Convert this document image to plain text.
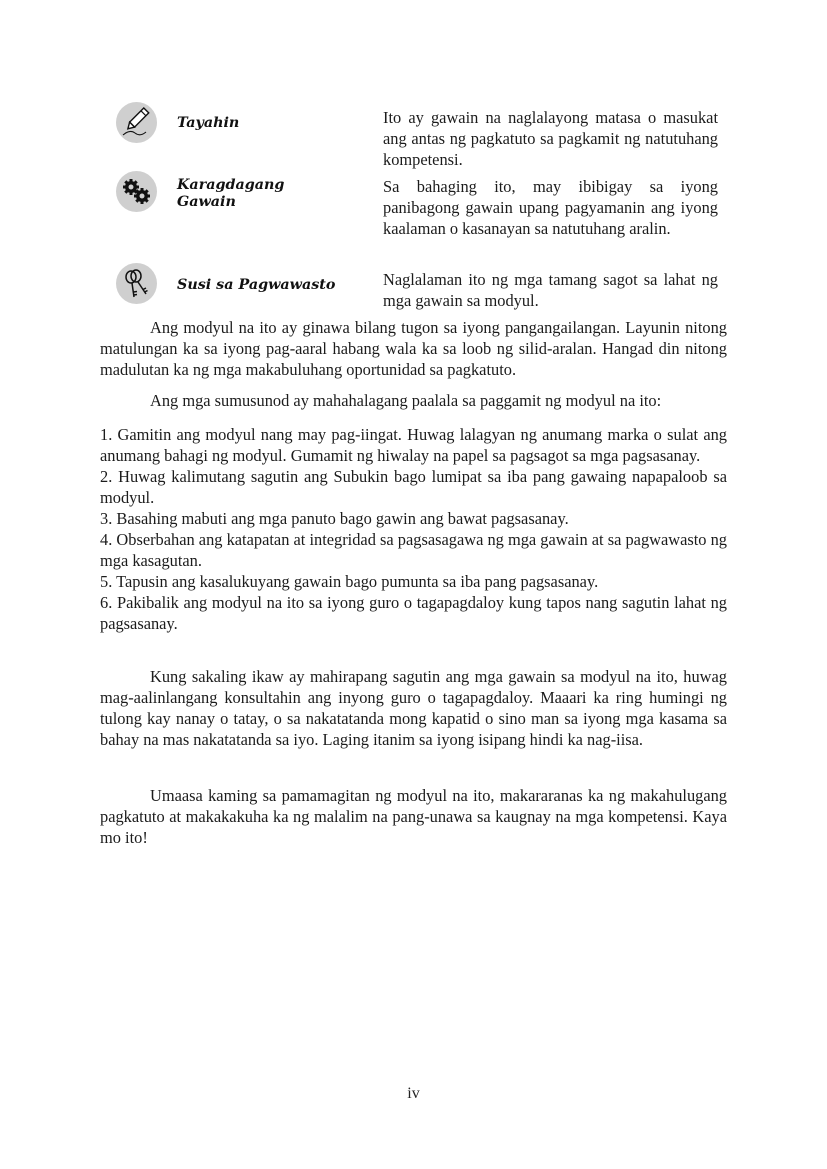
Tayahin	Ito ay gawain na naglalayong matasa o masukat ang antas ng pagkatuto sa pagkamit ng natutuhang kompetensi.
Karagdagang
Gawain
Sa bahaging ito, may ibibigay sa iyong panibagong gawain upang pagyamanin ang iyong kaalaman o kasanayan sa natutuhang aralin.
Susi sa Pagwawasto	Naglalaman ito ng mga tamang sagot sa lahat ng mga gawain sa modyul.

Ang modyul na ito ay ginawa bilang tugon sa iyong pangangailangan. Layunin nitong matulungan ka sa iyong pag-aaral habang wala ka sa loob ng silid-aralan. Hangad din nitong madulutan ka ng mga makabuluhang oportunidad sa pagkatuto.

Ang mga sumusunod ay mahahalagang paalala sa paggamit ng modyul na ito:

1. Gamitin ang modyul nang may pag-iingat. Huwag lalagyan ng anumang marka o sulat ang anumang bahagi ng modyul. Gumamit ng hiwalay na papel sa pagsagot sa mga pagsasanay.

2. Huwag kalimutang sagutin ang Subukin bago lumipat sa iba pang gawaing napapaloob sa modyul.

3. Basahing mabuti ang mga panuto bago gawin ang bawat pagsasanay.

4. Obserbahan ang katapatan at integridad sa pagsasagawa ng mga gawain at sa pagwawasto ng mga kasagutan.

5. Tapusin ang kasalukuyang gawain bago pumunta sa iba pang pagsasanay.

6. Pakibalik ang modyul na ito sa iyong guro o tagapagdaloy kung tapos nang sagutin lahat ng pagsasanay.

Kung sakaling ikaw ay mahirapang sagutin ang mga gawain sa modyul na ito, huwag mag-aalinlangang konsultahin ang inyong guro o tagapagdaloy. Maaari ka ring humingi ng tulong kay nanay o tatay, o sa nakatatanda mong kapatid o sino man sa iyong mga kasama sa bahay na mas nakatatanda sa iyo. Laging itanim sa iyong isipang hindi ka nag-iisa.

Umaasa kaming sa pamamagitan ng modyul na ito, makararanas ka ng makahulugang pagkatuto at makakakuha ka ng malalim na pang-unawa sa kaugnay na mga kompetensi. Kaya mo ito!

iv
